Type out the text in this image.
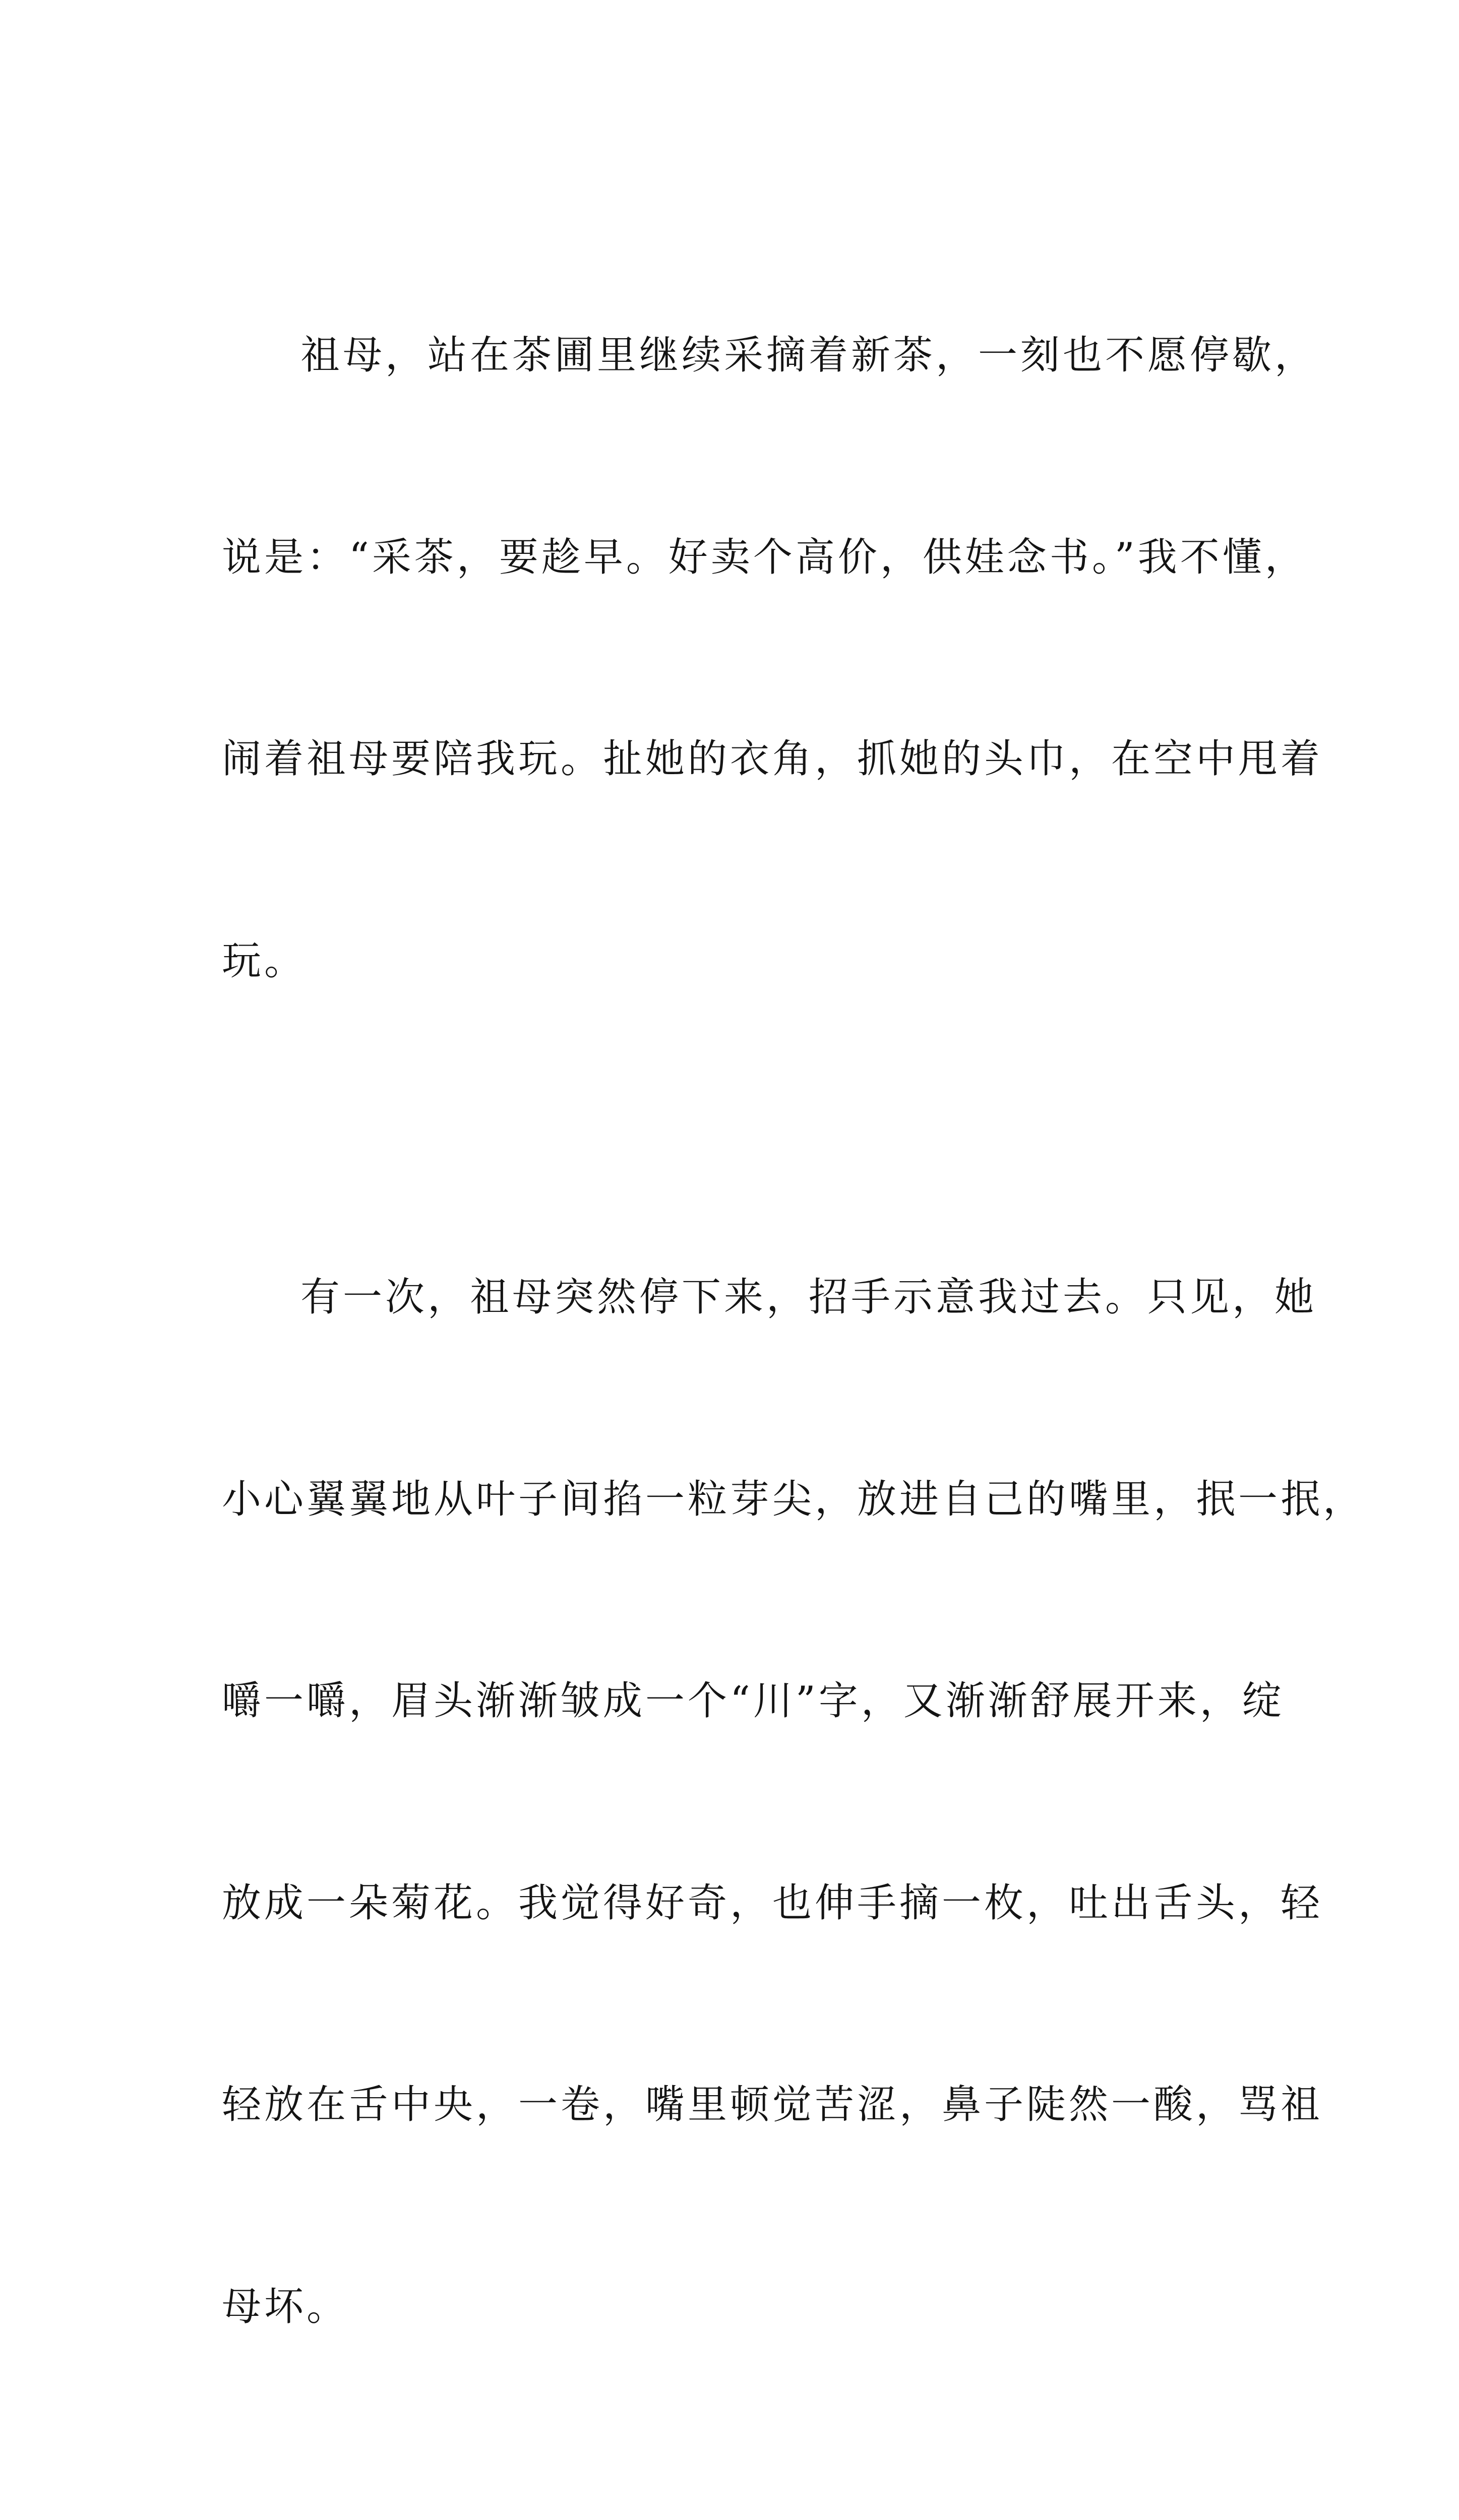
祖母，站在茶圃里继续采摘着新茶，一刻也不愿停歇，

说是：“采茶，要趁早。好卖个高价，供娃念书。”我不懂，

闹着祖母要陪我玩。扯她的衣角，抓她的头巾，在空中甩着

玩。

有一次，祖母突然停下来，招手示意我过去。只见，她

小心翼翼地从叶子间掐一粒芽尖，放进自己的嘴里，抿一抿，

嚼一嚼，眉头渐渐皱成一个“川”字，又渐渐舒展开来，绽

放成一朵菊花。我觉得好奇，也伸手摘一枚，吐出舌头，轻

轻放在舌中央，一卷，嘴里顿觉苦涩，鼻子陡然一酸，骂祖

母坏。
